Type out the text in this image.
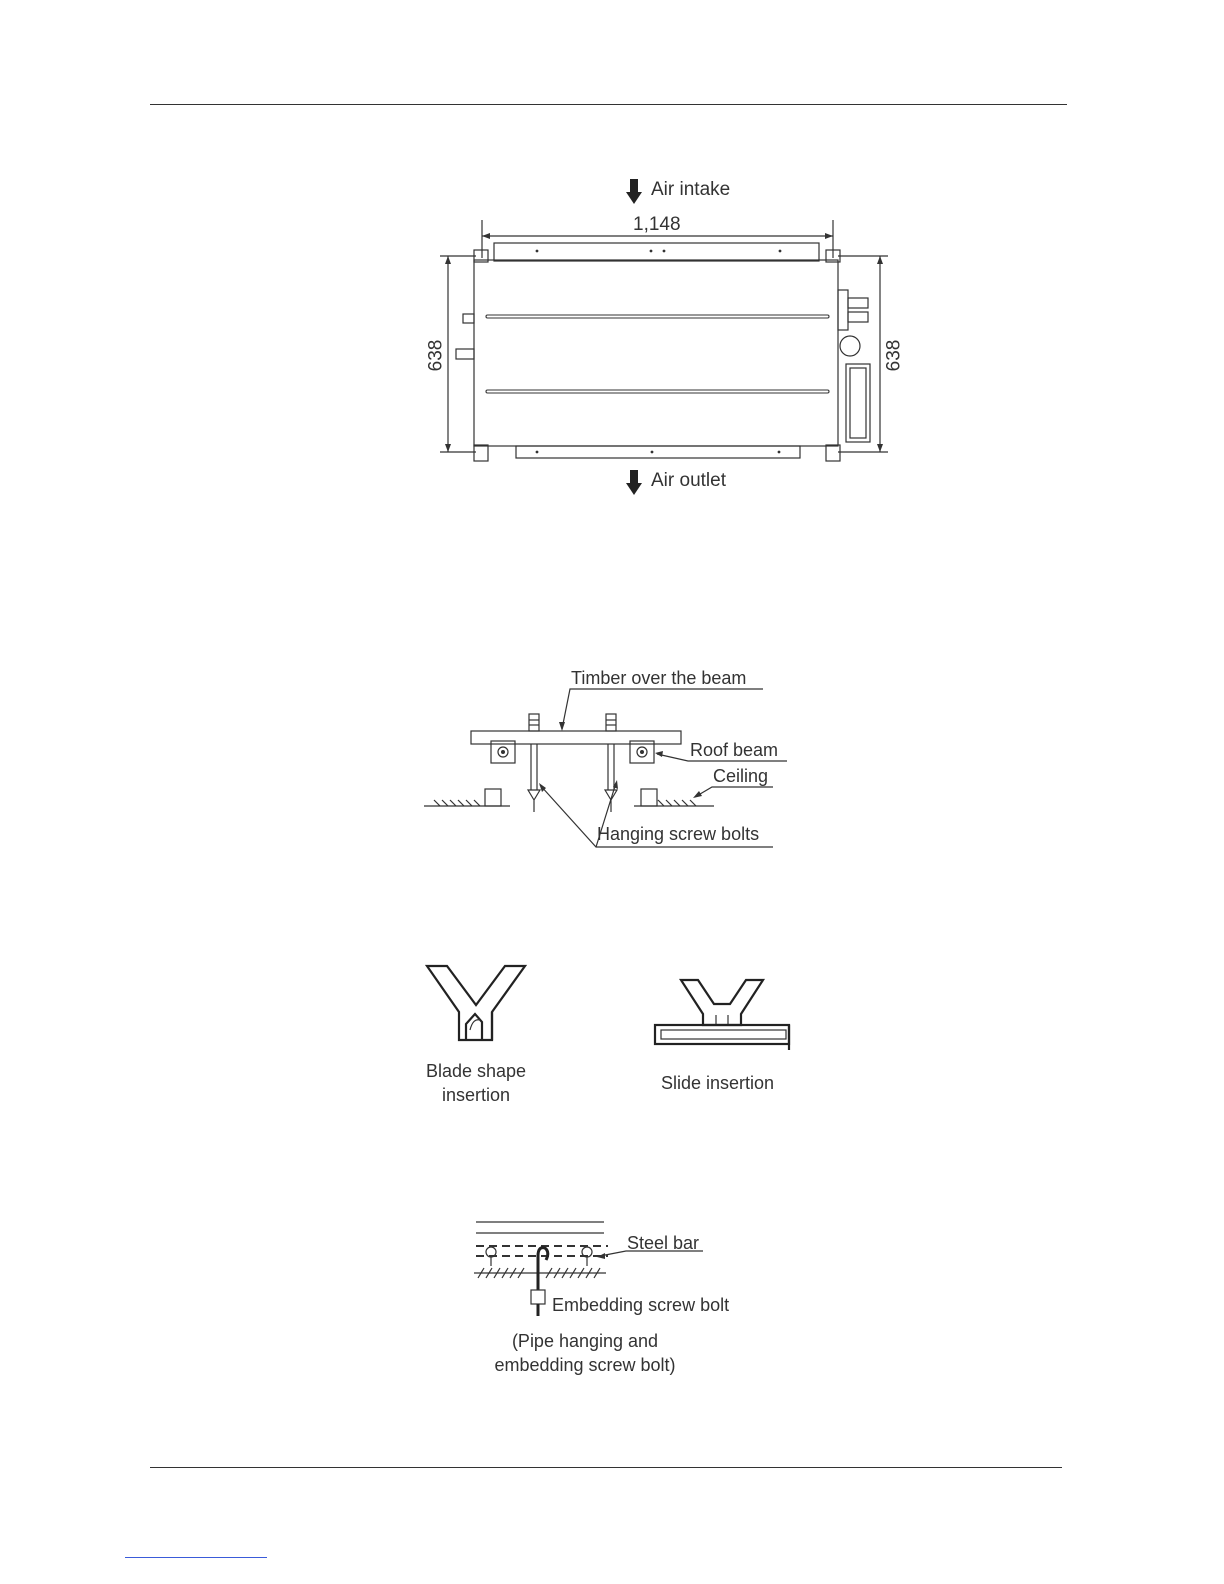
Air intake
Air outlet
1,148
638	638
Timber over the beam
Roof beam
Ceiling
Hanging screw bolts
Blade shape
insertion
Slide insertion
Steel bar
Embedding screw bolt
(Pipe hanging and
embedding screw bolt)
